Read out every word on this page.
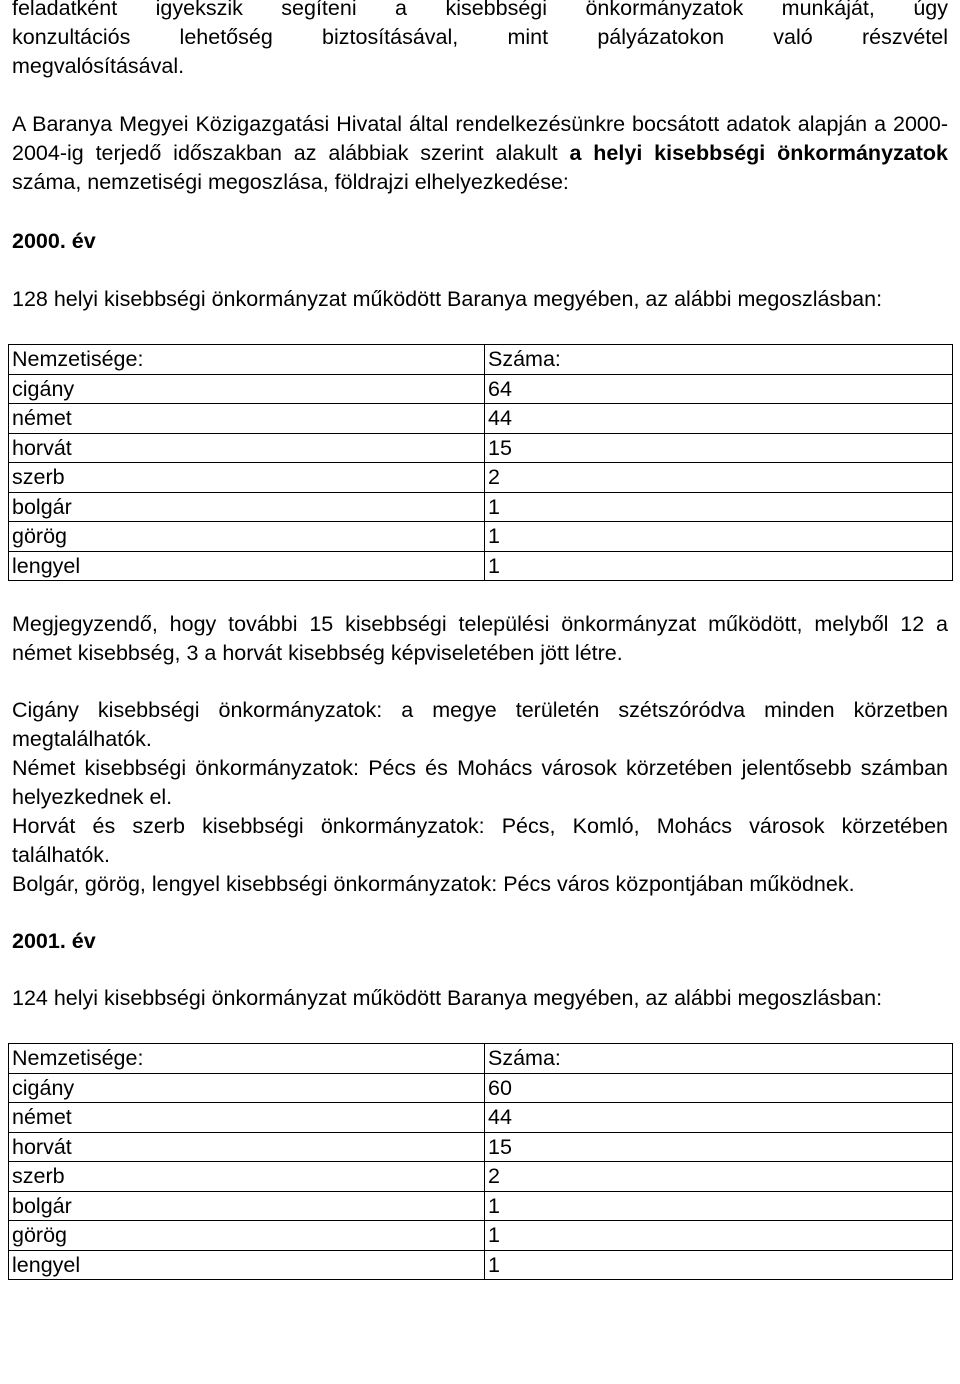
feladatként igyekszik segíteni a kisebbségi önkormányzatok munkáját, úgy

konzultációs lehetőség biztosításával, mint pályázatokon való részvétel

megvalósításával.

A Baranya Megyei Közigazgatási Hivatal által rendelkezésünkre bocsátott adatok alapján a 2000-2004-ig terjedő időszakban az alábbiak szerint alakult a helyi kisebbségi önkormányzatok száma, nemzetiségi megoszlása, földrajzi elhelyezkedése:

2000. év

128 helyi kisebbségi önkormányzat működött Baranya megyében, az alábbi megoszlásban:

Nemzetisége:	Száma:
cigány	64
német	44
horvát	15
szerb	2
bolgár	1
görög	1
lengyel	1

Megjegyzendő, hogy további 15 kisebbségi települési önkormányzat működött, melyből 12 a német kisebbség, 3 a horvát kisebbség képviseletében jött létre.

Cigány kisebbségi önkormányzatok: a megye területén szétszóródva minden körzetben megtalálhatók.

Német kisebbségi önkormányzatok: Pécs és Mohács városok körzetében jelentősebb számban helyezkednek el.

Horvát és szerb kisebbségi önkormányzatok: Pécs, Komló, Mohács városok körzetében találhatók.

Bolgár, görög, lengyel kisebbségi önkormányzatok: Pécs város központjában működnek.

2001. év

124 helyi kisebbségi önkormányzat működött Baranya megyében, az alábbi megoszlásban:

Nemzetisége:	Száma:
cigány	60
német	44
horvát	15
szerb	2
bolgár	1
görög	1
lengyel	1
